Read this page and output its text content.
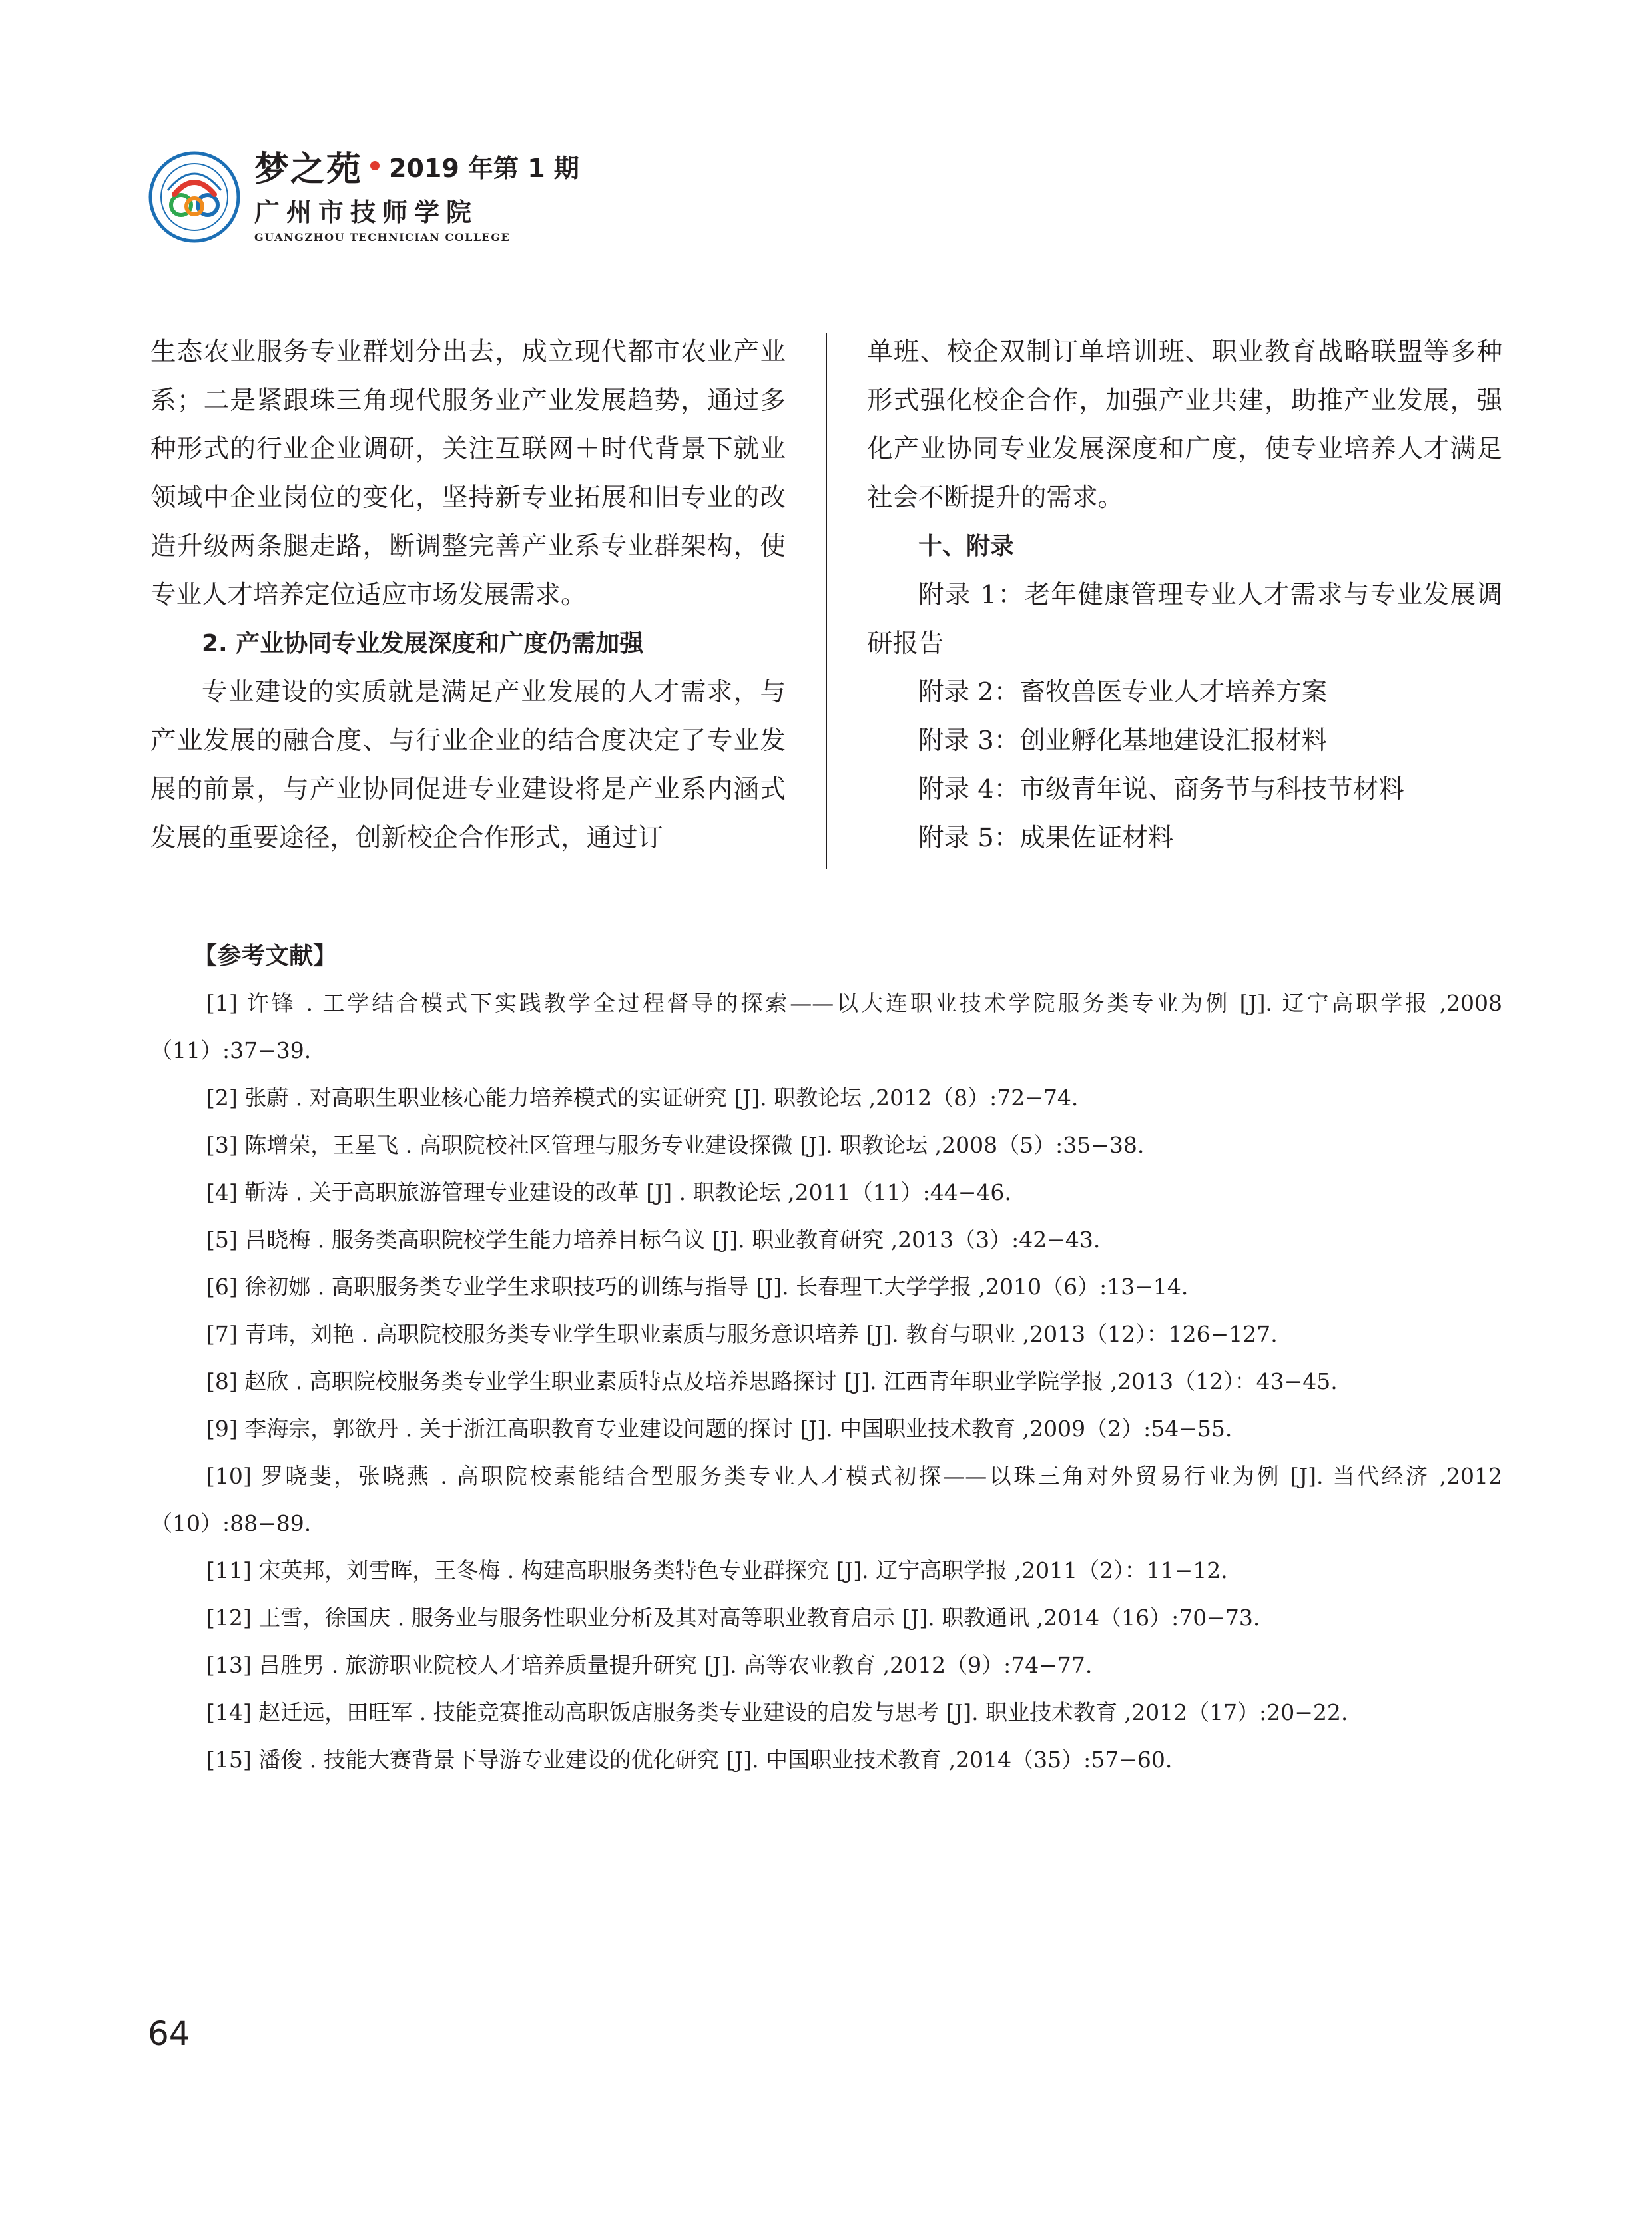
梦之苑 2019 年第 1 期
广州市技师学院
GUANGZHOU TECHNICIAN COLLEGE

生态农业服务专业群划分出去，成立现代都市农业产业系；二是紧跟珠三角现代服务业产业发展趋势，通过多种形式的行业企业调研，关注互联网＋时代背景下就业领域中企业岗位的变化，坚持新专业拓展和旧专业的改造升级两条腿走路，断调整完善产业系专业群架构，使专业人才培养定位适应市场发展需求。

2. 产业协同专业发展深度和广度仍需加强

专业建设的实质就是满足产业发展的人才需求，与产业发展的融合度、与行业企业的结合度决定了专业发展的前景，与产业协同促进专业建设将是产业系内涵式发展的重要途径，创新校企合作形式，通过订

单班、校企双制订单培训班、职业教育战略联盟等多种形式强化校企合作，加强产业共建，助推产业发展，强化产业协同专业发展深度和广度，使专业培养人才满足社会不断提升的需求。

十、附录

附录 1：老年健康管理专业人才需求与专业发展调研报告

附录 2：畜牧兽医专业人才培养方案

附录 3：创业孵化基地建设汇报材料

附录 4：市级青年说、商务节与科技节材料

附录 5：成果佐证材料

【参考文献】

[1] 许锋 . 工学结合模式下实践教学全过程督导的探索——以大连职业技术学院服务类专业为例 [J]. 辽宁高职学报 ,2008（11）:37−39.

[2] 张蔚 . 对高职生职业核心能力培养模式的实证研究 [J]. 职教论坛 ,2012（8）:72−74.

[3] 陈增荣，王星飞 . 高职院校社区管理与服务专业建设探微 [J]. 职教论坛 ,2008（5）:35−38.

[4] 靳涛 . 关于高职旅游管理专业建设的改革 [J] . 职教论坛 ,2011（11）:44−46.

[5] 吕晓梅 . 服务类高职院校学生能力培养目标刍议 [J]. 职业教育研究 ,2013（3）:42−43.

[6] 徐初娜 . 高职服务类专业学生求职技巧的训练与指导 [J]. 长春理工大学学报 ,2010（6）:13−14.

[7] 青玮，刘艳 . 高职院校服务类专业学生职业素质与服务意识培养 [J]. 教育与职业 ,2013（12）：126−127.

[8] 赵欣 . 高职院校服务类专业学生职业素质特点及培养思路探讨 [J]. 江西青年职业学院学报 ,2013（12）：43−45.

[9] 李海宗，郭欲丹 . 关于浙江高职教育专业建设问题的探讨 [J]. 中国职业技术教育 ,2009（2）:54−55.

[10] 罗晓斐，张晓燕 . 高职院校素能结合型服务类专业人才模式初探——以珠三角对外贸易行业为例 [J]. 当代经济 ,2012（10）:88−89.

[11] 宋英邦，刘雪晖，王冬梅 . 构建高职服务类特色专业群探究 [J]. 辽宁高职学报 ,2011（2）：11−12.

[12] 王雪，徐国庆 . 服务业与服务性职业分析及其对高等职业教育启示 [J]. 职教通讯 ,2014（16）:70−73.

[13] 吕胜男 . 旅游职业院校人才培养质量提升研究 [J]. 高等农业教育 ,2012（9）:74−77.

[14] 赵迁远，田旺军 . 技能竞赛推动高职饭店服务类专业建设的启发与思考 [J]. 职业技术教育 ,2012（17）:20−22.

[15] 潘俊 . 技能大赛背景下导游专业建设的优化研究 [J]. 中国职业技术教育 ,2014（35）:57−60.

64
